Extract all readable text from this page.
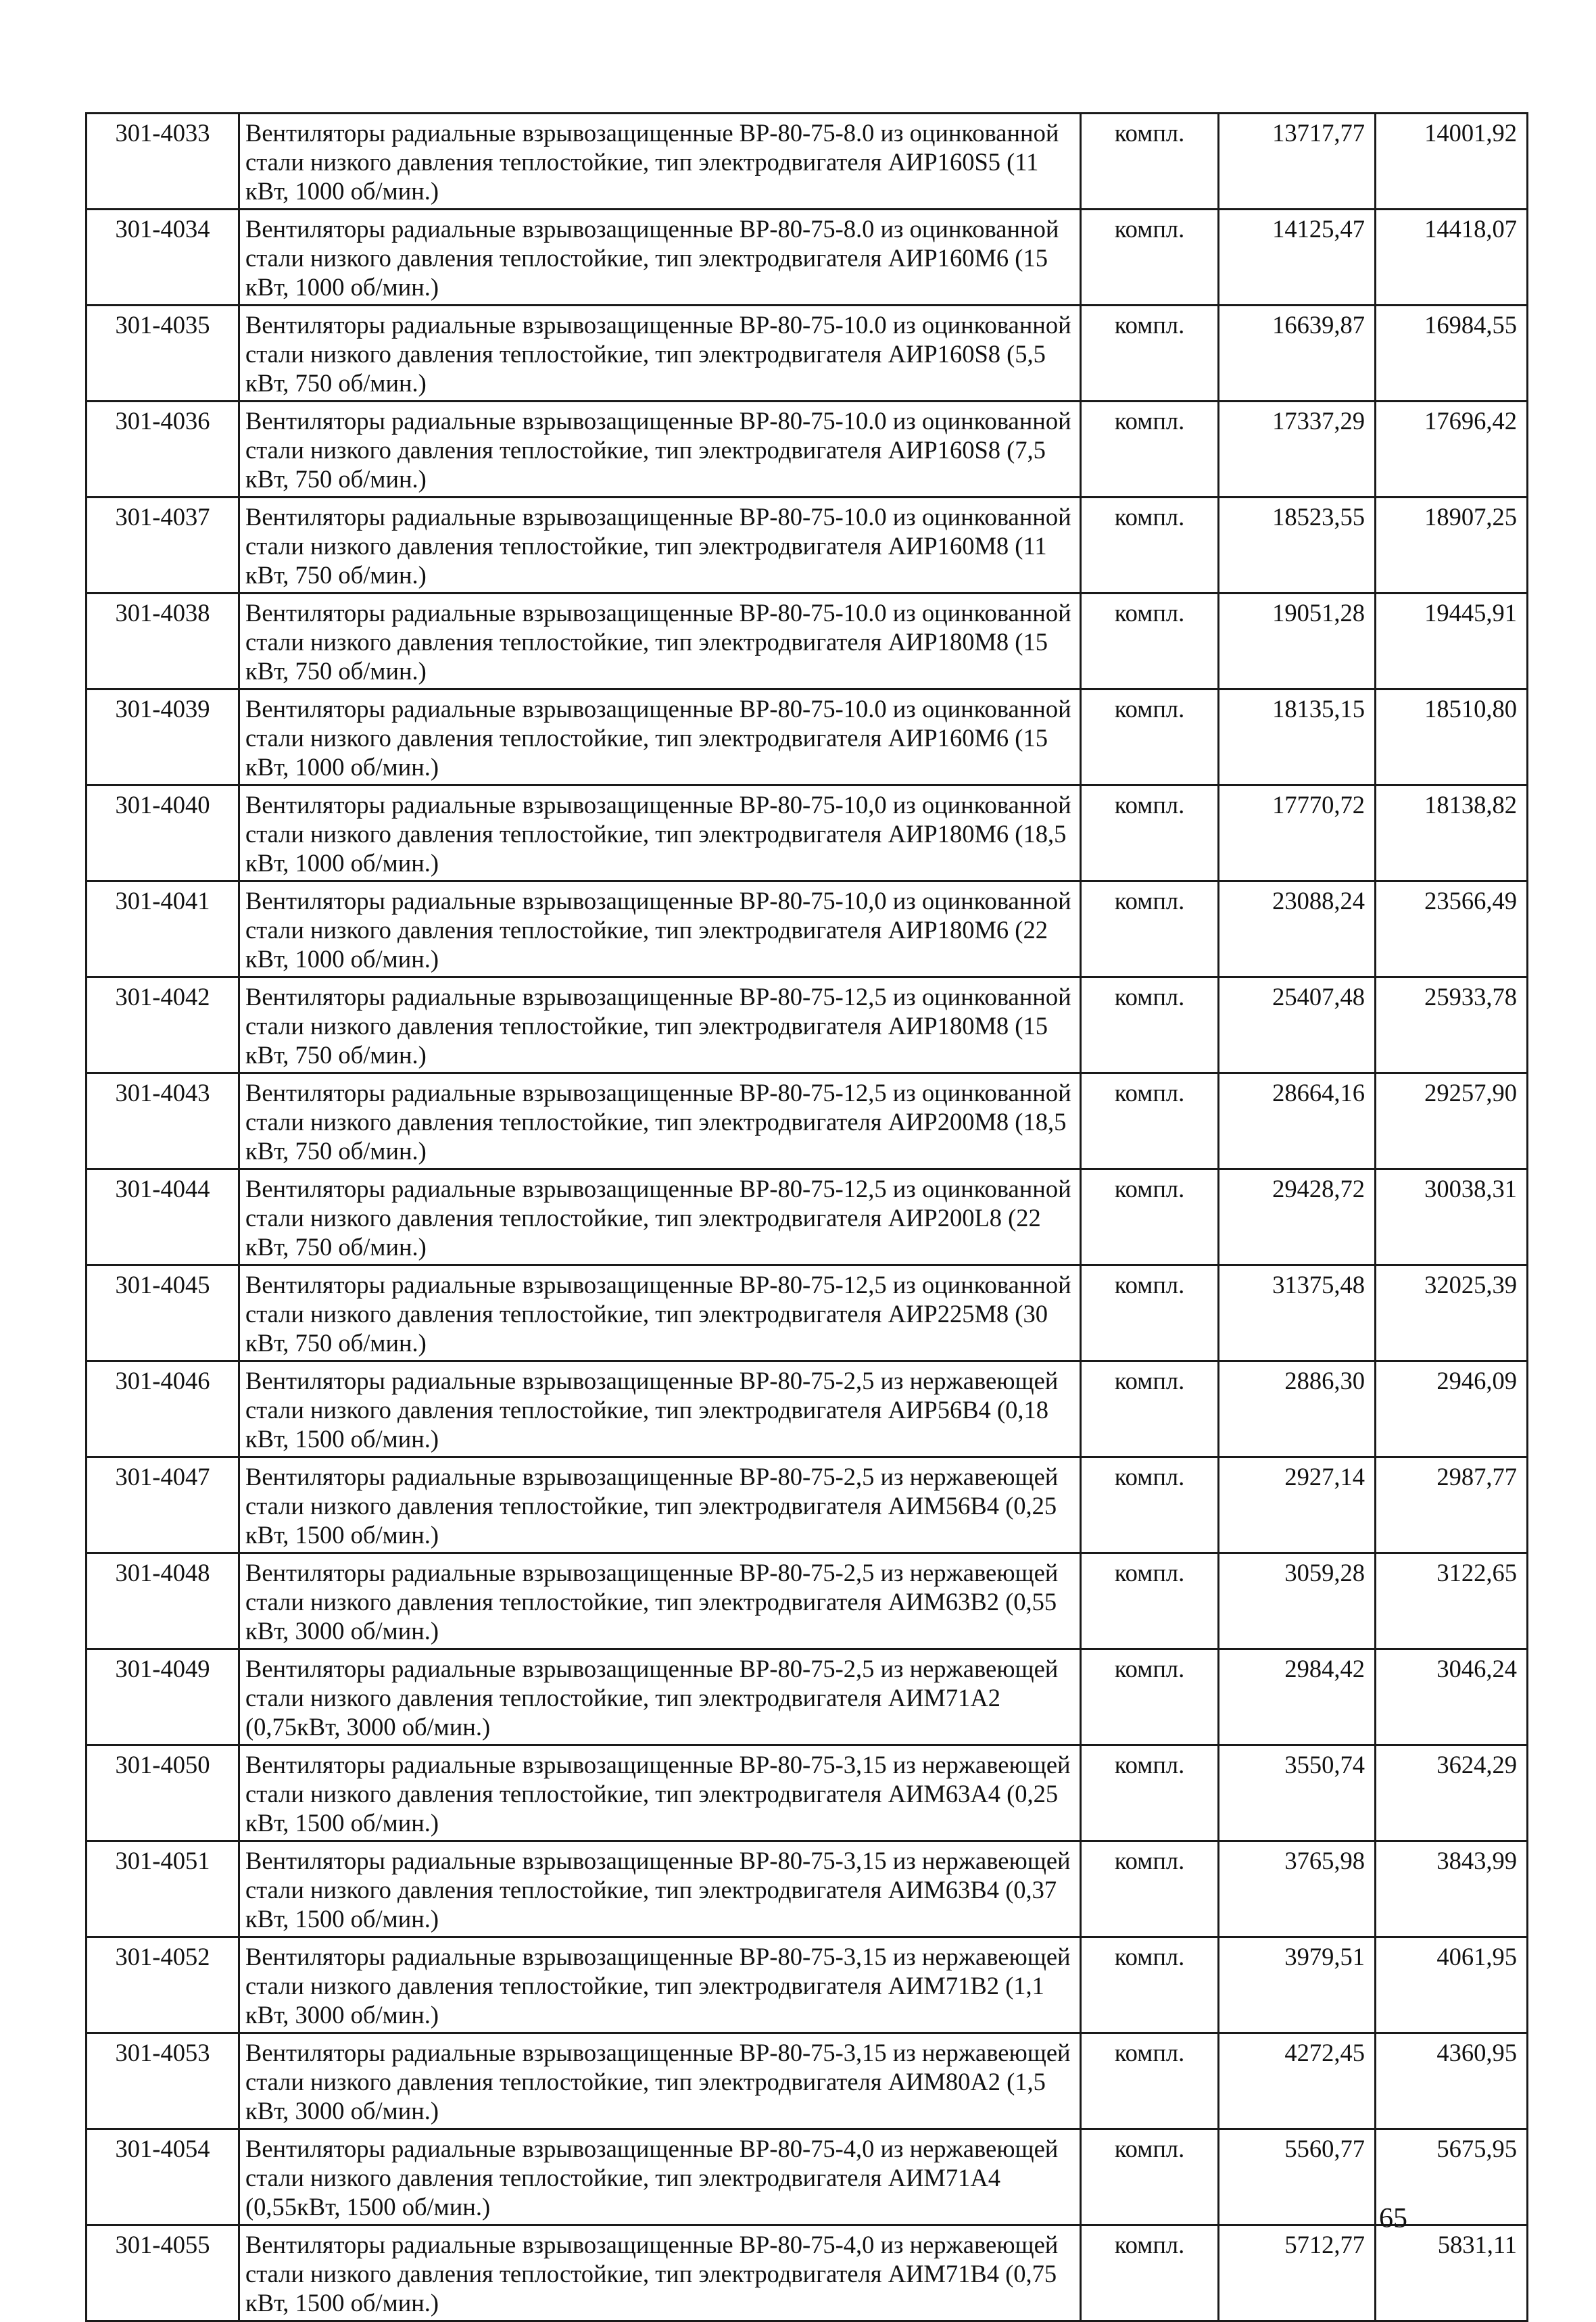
301-4033	Вентиляторы радиальные взрывозащищенные ВР-80-75-8.0 из оцинкованной стали низкого давления теплостойкие, тип электродвигателя АИР160S5 (11 кВт, 1000 об/мин.)	компл.	13717,77	14001,92
301-4034	Вентиляторы радиальные взрывозащищенные ВР-80-75-8.0 из оцинкованной стали низкого давления теплостойкие, тип электродвигателя АИР160М6 (15 кВт, 1000 об/мин.)	компл.	14125,47	14418,07
301-4035	Вентиляторы радиальные взрывозащищенные ВР-80-75-10.0 из оцинкованной стали низкого давления теплостойкие, тип электродвигателя АИР160S8 (5,5 кВт, 750 об/мин.)	компл.	16639,87	16984,55
301-4036	Вентиляторы радиальные взрывозащищенные ВР-80-75-10.0 из оцинкованной стали низкого давления теплостойкие, тип электродвигателя АИР160S8 (7,5 кВт, 750 об/мин.)	компл.	17337,29	17696,42
301-4037	Вентиляторы радиальные взрывозащищенные ВР-80-75-10.0 из оцинкованной стали низкого давления теплостойкие, тип электродвигателя АИР160М8 (11 кВт, 750 об/мин.)	компл.	18523,55	18907,25
301-4038	Вентиляторы радиальные взрывозащищенные ВР-80-75-10.0 из оцинкованной стали низкого давления теплостойкие, тип электродвигателя АИР180М8 (15 кВт, 750 об/мин.)	компл.	19051,28	19445,91
301-4039	Вентиляторы радиальные взрывозащищенные ВР-80-75-10.0 из оцинкованной стали низкого давления теплостойкие, тип электродвигателя АИР160М6 (15 кВт, 1000 об/мин.)	компл.	18135,15	18510,80
301-4040	Вентиляторы радиальные взрывозащищенные ВР-80-75-10,0 из оцинкованной стали низкого давления теплостойкие, тип электродвигателя АИР180М6 (18,5 кВт, 1000 об/мин.)	компл.	17770,72	18138,82
301-4041	Вентиляторы радиальные взрывозащищенные ВР-80-75-10,0 из оцинкованной стали низкого давления теплостойкие, тип электродвигателя АИР180М6 (22 кВт, 1000 об/мин.)	компл.	23088,24	23566,49
301-4042	Вентиляторы радиальные взрывозащищенные ВР-80-75-12,5 из оцинкованной стали низкого давления теплостойкие, тип электродвигателя АИР180М8 (15 кВт, 750 об/мин.)	компл.	25407,48	25933,78
301-4043	Вентиляторы радиальные взрывозащищенные ВР-80-75-12,5 из оцинкованной стали низкого давления теплостойкие, тип электродвигателя АИР200М8 (18,5 кВт, 750 об/мин.)	компл.	28664,16	29257,90
301-4044	Вентиляторы радиальные взрывозащищенные ВР-80-75-12,5 из оцинкованной стали низкого давления теплостойкие, тип электродвигателя АИР200L8 (22 кВт, 750 об/мин.)	компл.	29428,72	30038,31
301-4045	Вентиляторы радиальные взрывозащищенные ВР-80-75-12,5 из оцинкованной стали низкого давления теплостойкие, тип электродвигателя АИР225М8 (30 кВт, 750 об/мин.)	компл.	31375,48	32025,39
301-4046	Вентиляторы радиальные взрывозащищенные ВР-80-75-2,5 из нержавеющей стали низкого давления теплостойкие, тип электродвигателя АИР56В4 (0,18 кВт, 1500 об/мин.)	компл.	2886,30	2946,09
301-4047	Вентиляторы радиальные взрывозащищенные ВР-80-75-2,5 из нержавеющей стали низкого давления теплостойкие, тип электродвигателя АИМ56В4 (0,25 кВт, 1500 об/мин.)	компл.	2927,14	2987,77
301-4048	Вентиляторы радиальные взрывозащищенные ВР-80-75-2,5 из нержавеющей стали низкого давления теплостойкие, тип электродвигателя АИМ63В2 (0,55 кВт, 3000 об/мин.)	компл.	3059,28	3122,65
301-4049	Вентиляторы радиальные взрывозащищенные ВР-80-75-2,5 из нержавеющей стали низкого давления теплостойкие, тип электродвигателя АИМ71А2 (0,75кВт, 3000 об/мин.)	компл.	2984,42	3046,24
301-4050	Вентиляторы радиальные взрывозащищенные ВР-80-75-3,15 из нержавеющей стали низкого давления теплостойкие, тип электродвигателя АИМ63А4 (0,25 кВт, 1500 об/мин.)	компл.	3550,74	3624,29
301-4051	Вентиляторы радиальные взрывозащищенные ВР-80-75-3,15 из нержавеющей стали низкого давления теплостойкие, тип электродвигателя АИМ63В4 (0,37 кВт, 1500 об/мин.)	компл.	3765,98	3843,99
301-4052	Вентиляторы радиальные взрывозащищенные ВР-80-75-3,15 из нержавеющей стали низкого давления теплостойкие, тип электродвигателя АИМ71В2 (1,1 кВт, 3000 об/мин.)	компл.	3979,51	4061,95
301-4053	Вентиляторы радиальные взрывозащищенные ВР-80-75-3,15 из нержавеющей стали низкого давления теплостойкие, тип электродвигателя АИМ80А2 (1,5 кВт, 3000 об/мин.)	компл.	4272,45	4360,95
301-4054	Вентиляторы радиальные взрывозащищенные ВР-80-75-4,0 из нержавеющей стали низкого давления теплостойкие, тип электродвигателя АИМ71А4 (0,55кВт, 1500 об/мин.)	компл.	5560,77	5675,95
301-4055	Вентиляторы радиальные взрывозащищенные ВР-80-75-4,0 из нержавеющей стали низкого давления теплостойкие, тип электродвигателя АИМ71В4 (0,75 кВт, 1500 об/мин.)	компл.	5712,77	5831,11
65
